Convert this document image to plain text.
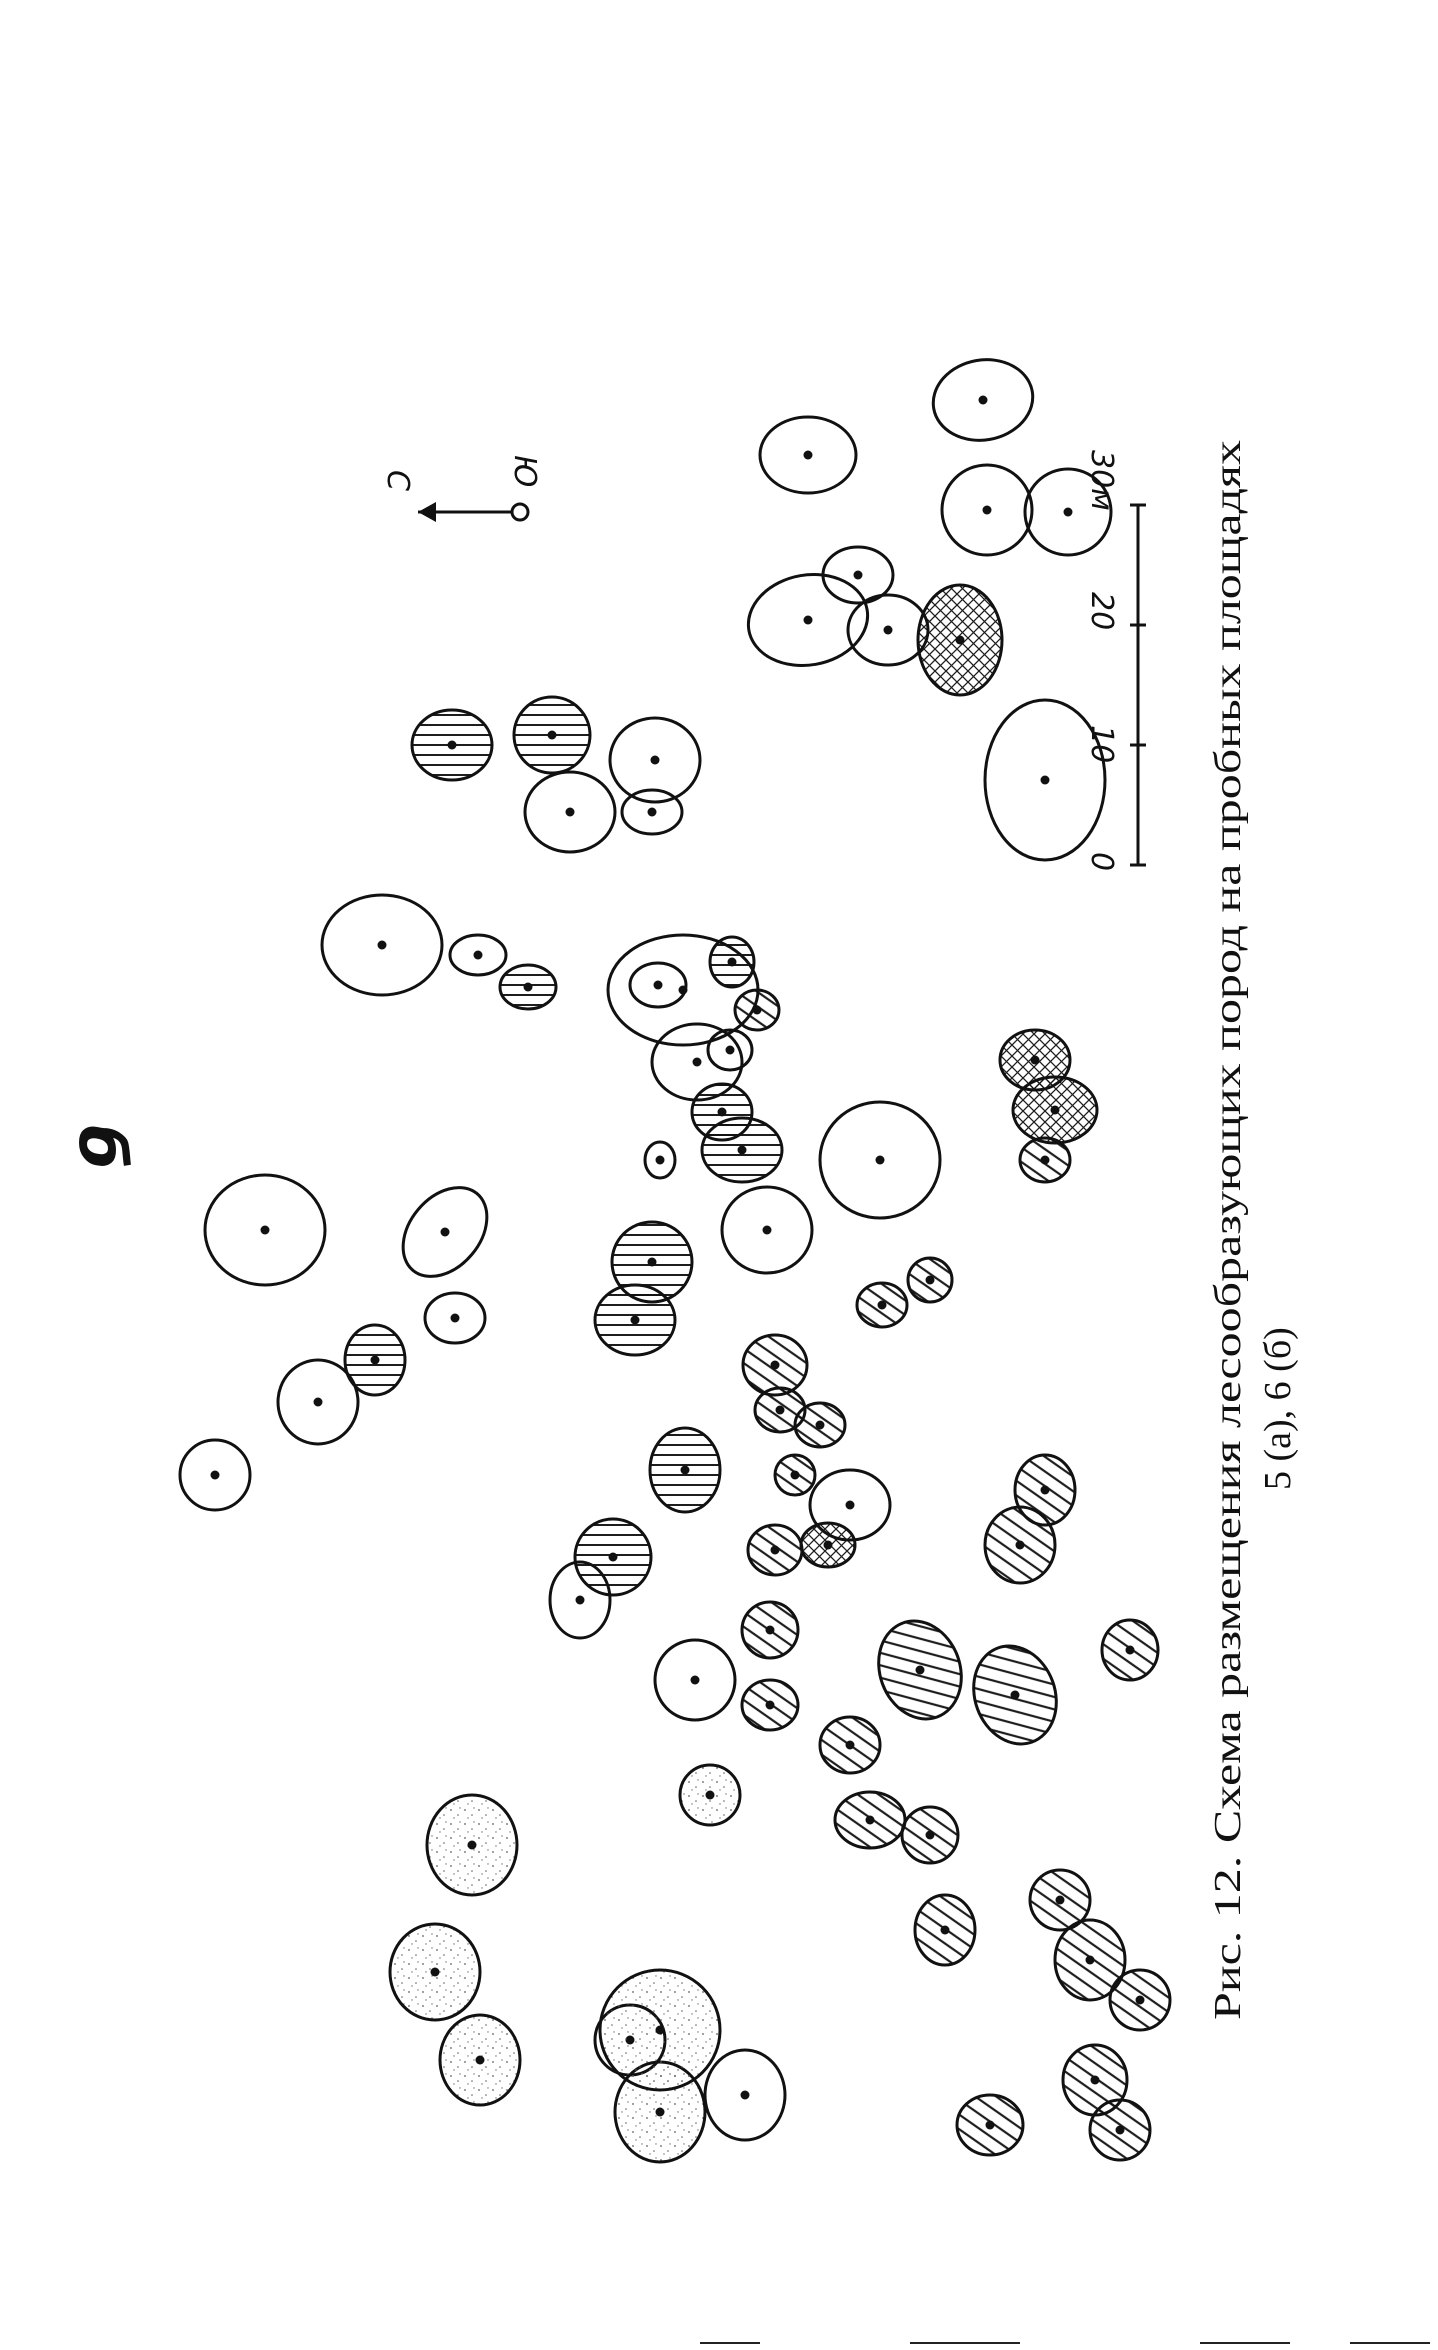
б
С	Ю
0
10
20
30м
Рис. 12. Схема размещения лесообразующих пород на пробных площадях 5 (а), 6 (б)
